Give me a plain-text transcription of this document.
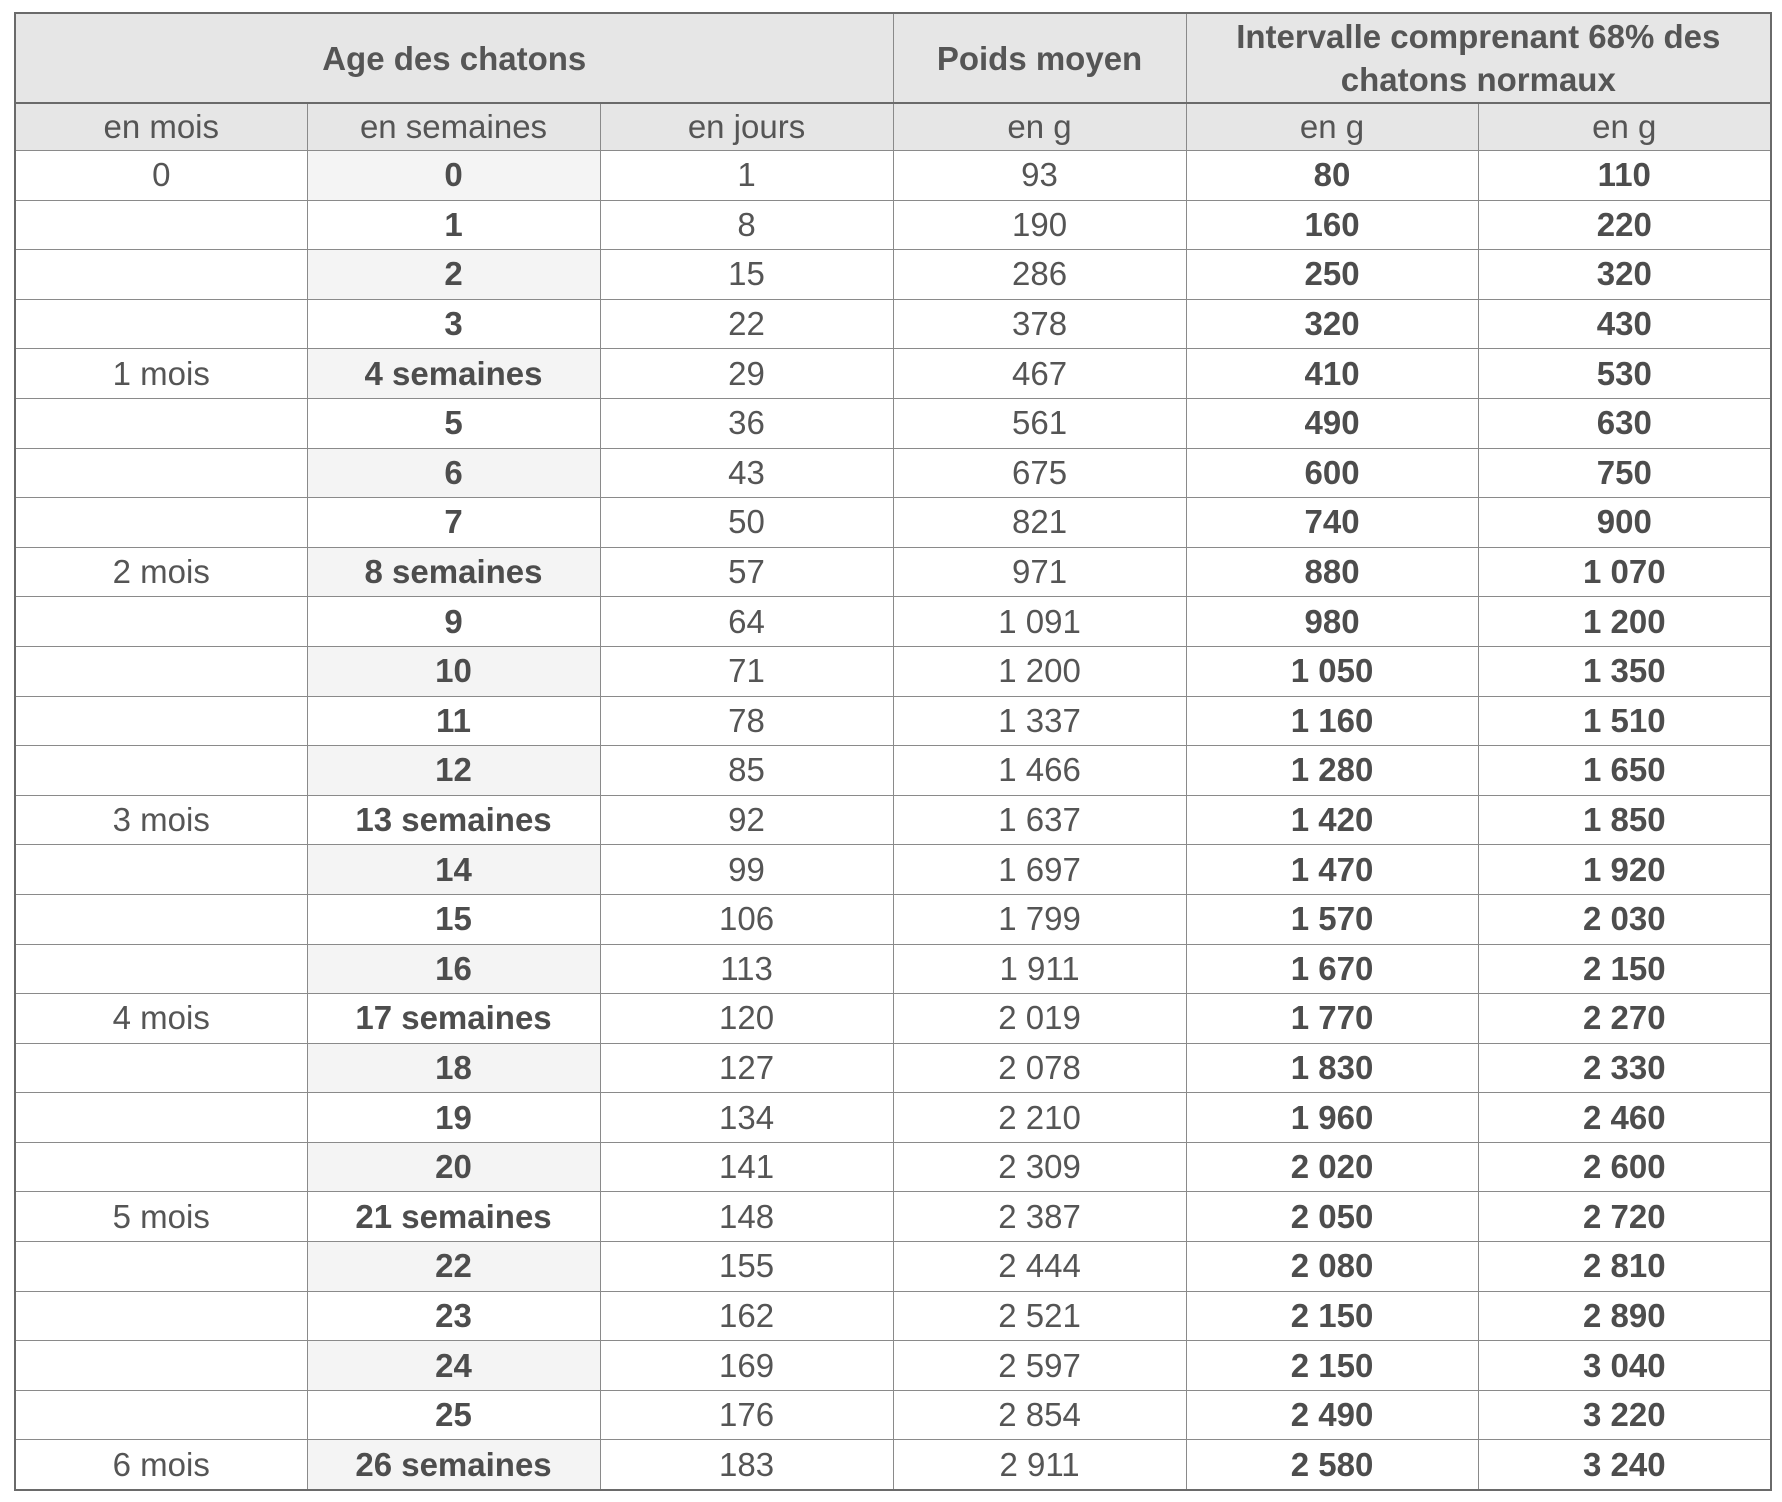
Age des chatons			Poids moyen	Intervalle comprenant 68% des chatons normaux	
en mois	en semaines	en jours	en g	en g	en g
0	0	1	93	80	110
	1	8	190	160	220
	2	15	286	250	320
	3	22	378	320	430
1 mois	4 semaines	29	467	410	530
	5	36	561	490	630
	6	43	675	600	750
	7	50	821	740	900
2 mois	8 semaines	57	971	880	1 070
	9	64	1 091	980	1 200
	10	71	1 200	1 050	1 350
	11	78	1 337	1 160	1 510
	12	85	1 466	1 280	1 650
3 mois	13 semaines	92	1 637	1 420	1 850
	14	99	1 697	1 470	1 920
	15	106	1 799	1 570	2 030
	16	113	1 911	1 670	2 150
4 mois	17 semaines	120	2 019	1 770	2 270
	18	127	2 078	1 830	2 330
	19	134	2 210	1 960	2 460
	20	141	2 309	2 020	2 600
5 mois	21 semaines	148	2 387	2 050	2 720
	22	155	2 444	2 080	2 810
	23	162	2 521	2 150	2 890
	24	169	2 597	2 150	3 040
	25	176	2 854	2 490	3 220
6 mois	26 semaines	183	2 911	2 580	3 240
